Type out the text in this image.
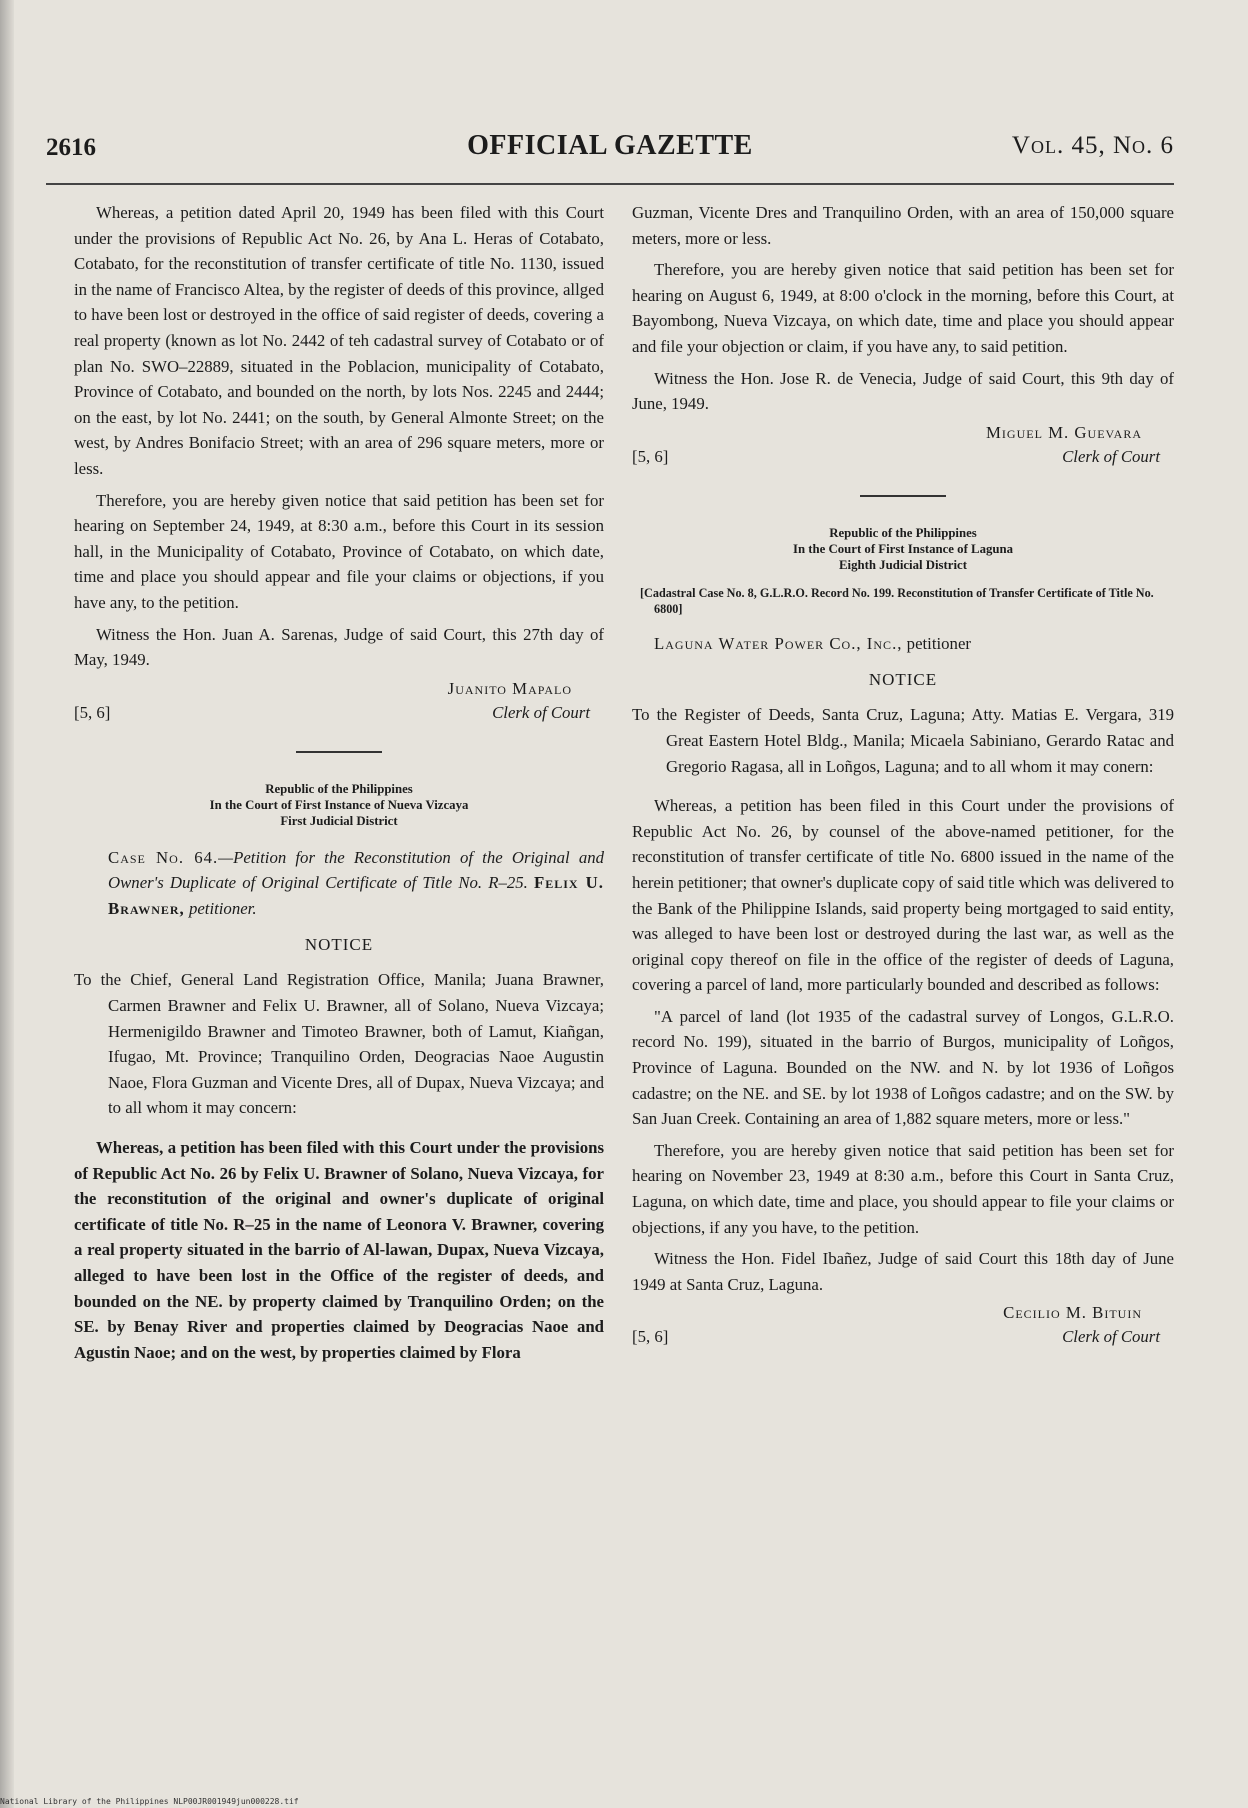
2616	OFFICIAL GAZETTE	Vol. 45, No. 6

Whereas, a petition dated April 20, 1949 has been filed with this Court under the provisions of Republic Act No. 26, by Ana L. Heras of Cotabato, Cotabato, for the reconstitution of transfer certificate of title No. 1130, issued in the name of Francisco Altea, by the register of deeds of this province, allged to have been lost or destroyed in the office of said register of deeds, covering a real property (known as lot No. 2442 of teh cadastral survey of Cotabato or of plan No. SWO–22889, situated in the Poblacion, municipality of Cotabato, Province of Cotabato, and bounded on the north, by lots Nos. 2245 and 2444; on the east, by lot No. 2441; on the south, by General Almonte Street; on the west, by Andres Bonifacio Street; with an area of 296 square meters, more or less.

Therefore, you are hereby given notice that said petition has been set for hearing on September 24, 1949, at 8:30 a.m., before this Court in its session hall, in the Municipality of Cotabato, Province of Cotabato, on which date, time and place you should appear and file your claims or objections, if you have any, to the petition.

Witness the Hon. Juan A. Sarenas, Judge of said Court, this 27th day of May, 1949.

Juanito Mapalo
Clerk of Court
[5, 6]
Republic of the Philippines
In the Court of First Instance of Nueva Vizcaya
First Judicial District

Case No. 64.—Petition for the Reconstitution of the Original and Owner's Duplicate of Original Certificate of Title No. R–25. Felix U. Brawner, petitioner.

NOTICE

To the Chief, General Land Registration Office, Manila; Juana Brawner, Carmen Brawner and Felix U. Brawner, all of Solano, Nueva Vizcaya; Hermenigildo Brawner and Timoteo Brawner, both of Lamut, Kiañgan, Ifugao, Mt. Province; Tranquilino Orden, Deogracias Naoe Augustin Naoe, Flora Guzman and Vicente Dres, all of Dupax, Nueva Vizcaya; and to all whom it may concern:

Whereas, a petition has been filed with this Court under the provisions of Republic Act No. 26 by Felix U. Brawner of Solano, Nueva Vizcaya, for the reconstitution of the original and owner's duplicate of original certificate of title No. R–25 in the name of Leonora V. Brawner, covering a real property situated in the barrio of Al-lawan, Dupax, Nueva Vizcaya, alleged to have been lost in the Office of the register of deeds, and bounded on the NE. by property claimed by Tranquilino Orden; on the SE. by Benay River and properties claimed by Deogracias Naoe and Agustin Naoe; and on the west, by properties claimed by Flora

Guzman, Vicente Dres and Tranquilino Orden, with an area of 150,000 square meters, more or less.

Therefore, you are hereby given notice that said petition has been set for hearing on August 6, 1949, at 8:00 o'clock in the morning, before this Court, at Bayombong, Nueva Vizcaya, on which date, time and place you should appear and file your objection or claim, if you have any, to said petition.

Witness the Hon. Jose R. de Venecia, Judge of said Court, this 9th day of June, 1949.

Miguel M. Guevara
Clerk of Court
[5, 6]
Republic of the Philippines
In the Court of First Instance of Laguna
Eighth Judicial District
[Cadastral Case No. 8, G.L.R.O. Record No. 199. Reconstitution of Transfer Certificate of Title No. 6800]

Laguna Water Power Co., Inc., petitioner

NOTICE

To the Register of Deeds, Santa Cruz, Laguna; Atty. Matias E. Vergara, 319 Great Eastern Hotel Bldg., Manila; Micaela Sabiniano, Gerardo Ratac and Gregorio Ragasa, all in Loñgos, Laguna; and to all whom it may conern:

Whereas, a petition has been filed in this Court under the provisions of Republic Act No. 26, by counsel of the above-named petitioner, for the reconstitution of transfer certificate of title No. 6800 issued in the name of the herein petitioner; that owner's duplicate copy of said title which was delivered to the Bank of the Philippine Islands, said property being mortgaged to said entity, was alleged to have been lost or destroyed during the last war, as well as the original copy thereof on file in the office of the register of deeds of Laguna, covering a parcel of land, more particularly bounded and described as follows:

"A parcel of land (lot 1935 of the cadastral survey of Longos, G.L.R.O. record No. 199), situated in the barrio of Burgos, municipality of Loñgos, Province of Laguna. Bounded on the NW. and N. by lot 1936 of Loñgos cadastre; on the NE. and SE. by lot 1938 of Loñgos cadastre; and on the SW. by San Juan Creek. Containing an area of 1,882 square meters, more or less."

Therefore, you are hereby given notice that said petition has been set for hearing on November 23, 1949 at 8:30 a.m., before this Court in Santa Cruz, Laguna, on which date, time and place, you should appear to file your claims or objections, if any you have, to the petition.

Witness the Hon. Fidel Ibañez, Judge of said Court this 18th day of June 1949 at Santa Cruz, Laguna.

Cecilio M. Bituin
Clerk of Court
[5, 6]
National Library of the Philippines NLP00JR001949jun000228.tif
